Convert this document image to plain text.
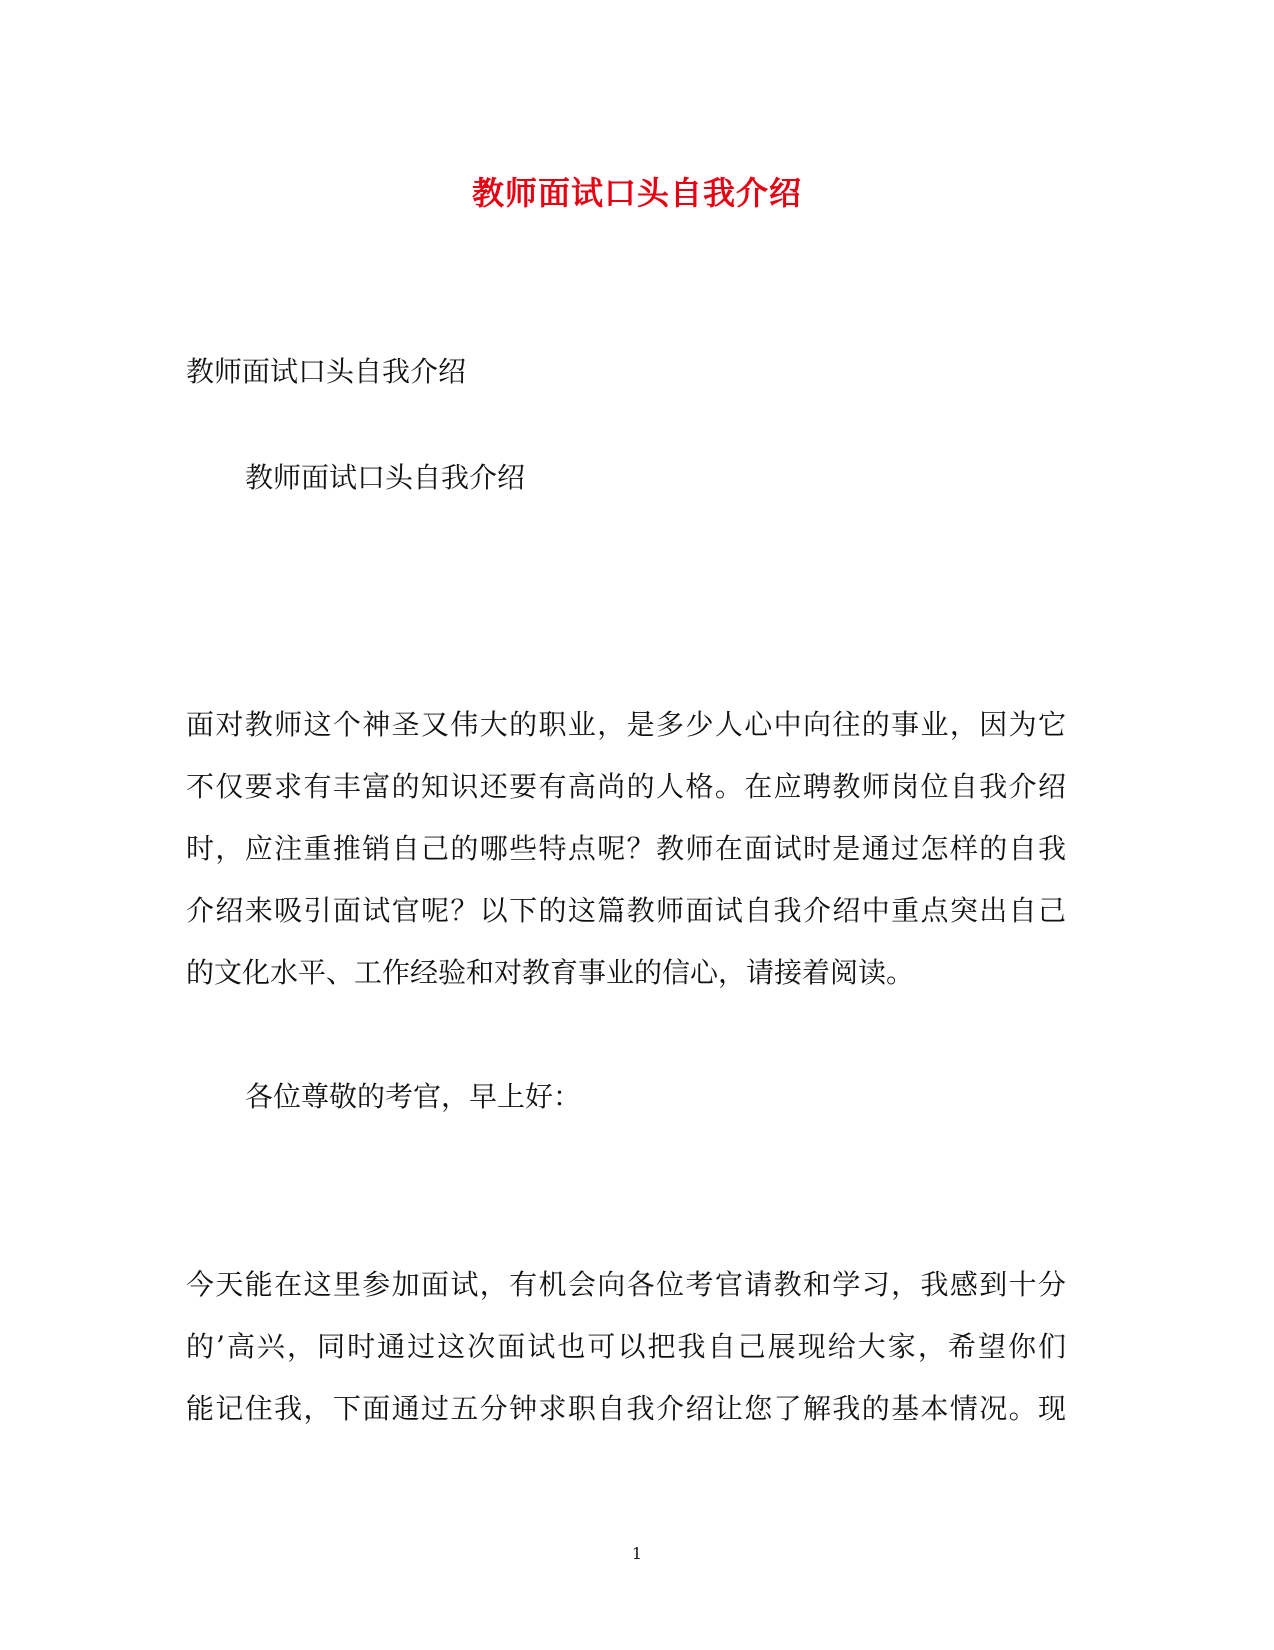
教师面试口头自我介绍
教师面试口头自我介绍
教师面试口头自我介绍
面对教师这个神圣又伟大的职业，是多少人心中向往的事业，因为它
不仅要求有丰富的知识还要有高尚的人格。在应聘教师岗位自我介绍
时，应注重推销自己的哪些特点呢？教师在面试时是通过怎样的自我
介绍来吸引面试官呢？以下的这篇教师面试自我介绍中重点突出自己
的文化水平、工作经验和对教育事业的信心，请接着阅读。
各位尊敬的考官，早上好：
今天能在这里参加面试，有机会向各位考官请教和学习，我感到十分
的’高兴，同时通过这次面试也可以把我自己展现给大家，希望你们
能记住我，下面通过五分钟求职自我介绍让您了解我的基本情况。现
1
